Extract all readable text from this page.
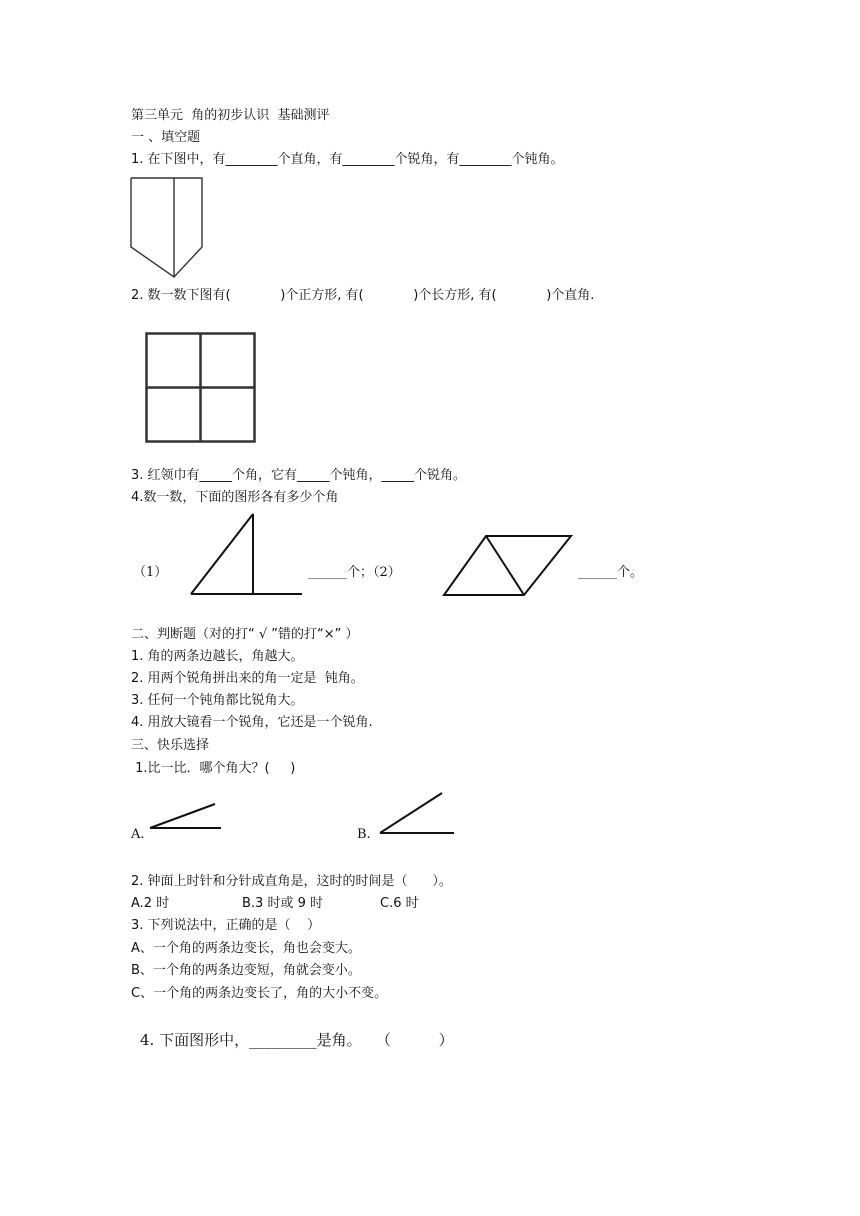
第三单元  角的初步认识  基础测评
一 、填空题
1. 在下图中，有________个直角，有________个锐角，有________个钝角。
2. 数一数下图有(            )个正方形, 有(            )个长方形, 有(            )个直角.
3. 红领巾有_____个角，它有_____个钝角，_____个锐角。
4.数一数，下面的图形各有多少个角
（1）	______个；（2）	______个。
二、判断题（对的打“ √ ”错的打“×” ）
1. 角的两条边越长，角越大。
2. 用两个锐角拼出来的角一定是  钝角。
3. 任何一个钝角都比锐角大。
4. 用放大镜看一个锐角，它还是一个锐角.
三、快乐选择
1.比一比．哪个角大？(     )
A.	B.
2. 钟面上时针和分针成直角是，这时的时间是（      ）。
A.2 时	B.3 时或 9 时	C.6 时
3. 下列说法中，正确的是（    ）
A、一个角的两条边变长，角也会变大。
B、一个角的两条边变短，角就会变小。
C、一个角的两条边变长了，角的大小不变。
4. 下面图形中，_________是角。   （          ）
